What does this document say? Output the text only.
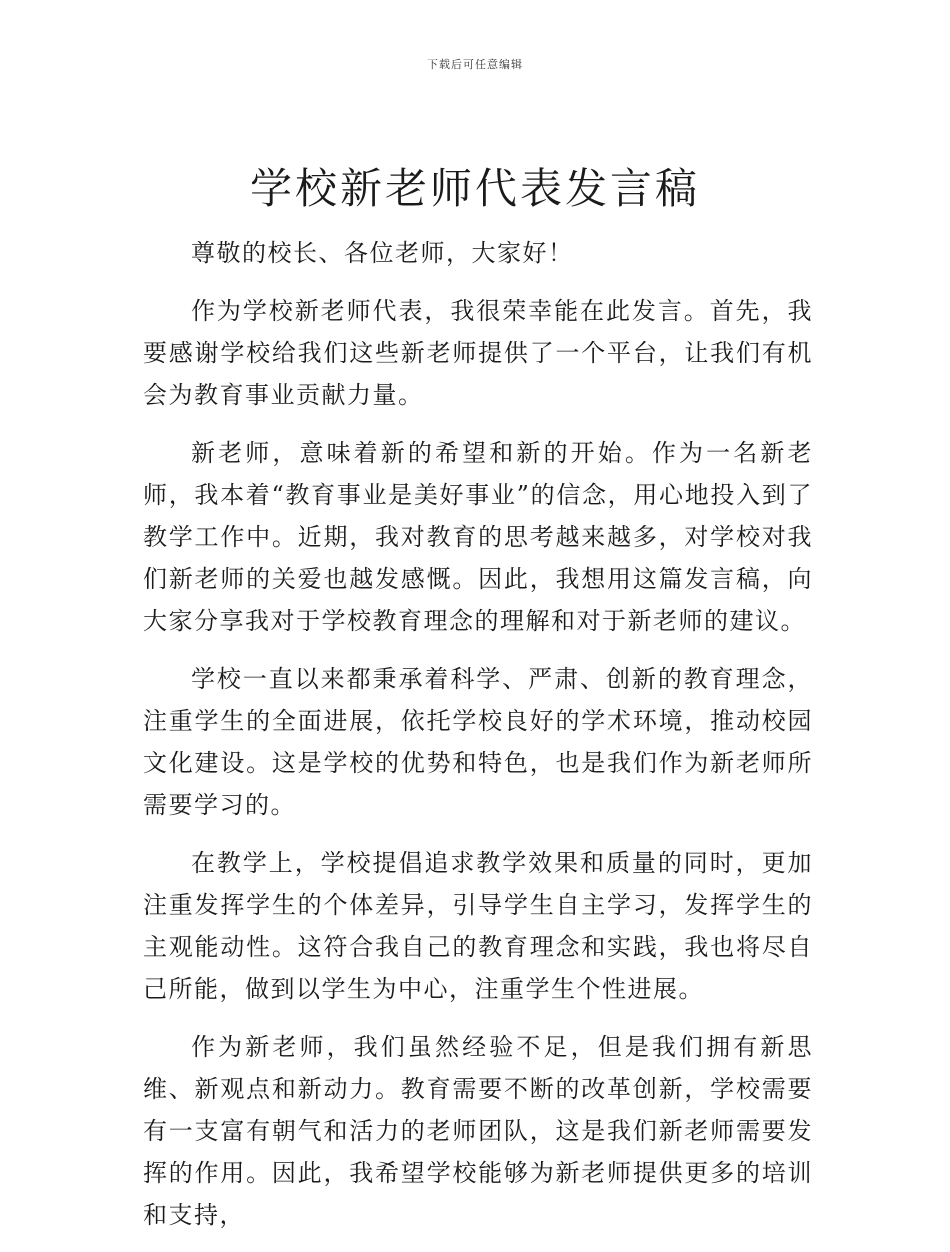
下载后可任意编辑
学校新老师代表发言稿

尊敬的校长、各位老师，大家好！

作为学校新老师代表，我很荣幸能在此发言。首先，我要感谢学校给我们这些新老师提供了一个平台，让我们有机会为教育事业贡献力量。

新老师，意味着新的希望和新的开始。作为一名新老师，我本着“教育事业是美好事业”的信念，用心地投入到了教学工作中。近期，我对教育的思考越来越多，对学校对我们新老师的关爱也越发感慨。因此，我想用这篇发言稿，向大家分享我对于学校教育理念的理解和对于新老师的建议。

学校一直以来都秉承着科学、严肃、创新的教育理念，注重学生的全面进展，依托学校良好的学术环境，推动校园文化建设。这是学校的优势和特色，也是我们作为新老师所需要学习的。

在教学上，学校提倡追求教学效果和质量的同时，更加注重发挥学生的个体差异，引导学生自主学习，发挥学生的主观能动性。这符合我自己的教育理念和实践，我也将尽自己所能，做到以学生为中心，注重学生个性进展。

作为新老师，我们虽然经验不足，但是我们拥有新思维、新观点和新动力。教育需要不断的改革创新，学校需要有一支富有朝气和活力的老师团队，这是我们新老师需要发挥的作用。因此，我希望学校能够为新老师提供更多的培训和支持，
